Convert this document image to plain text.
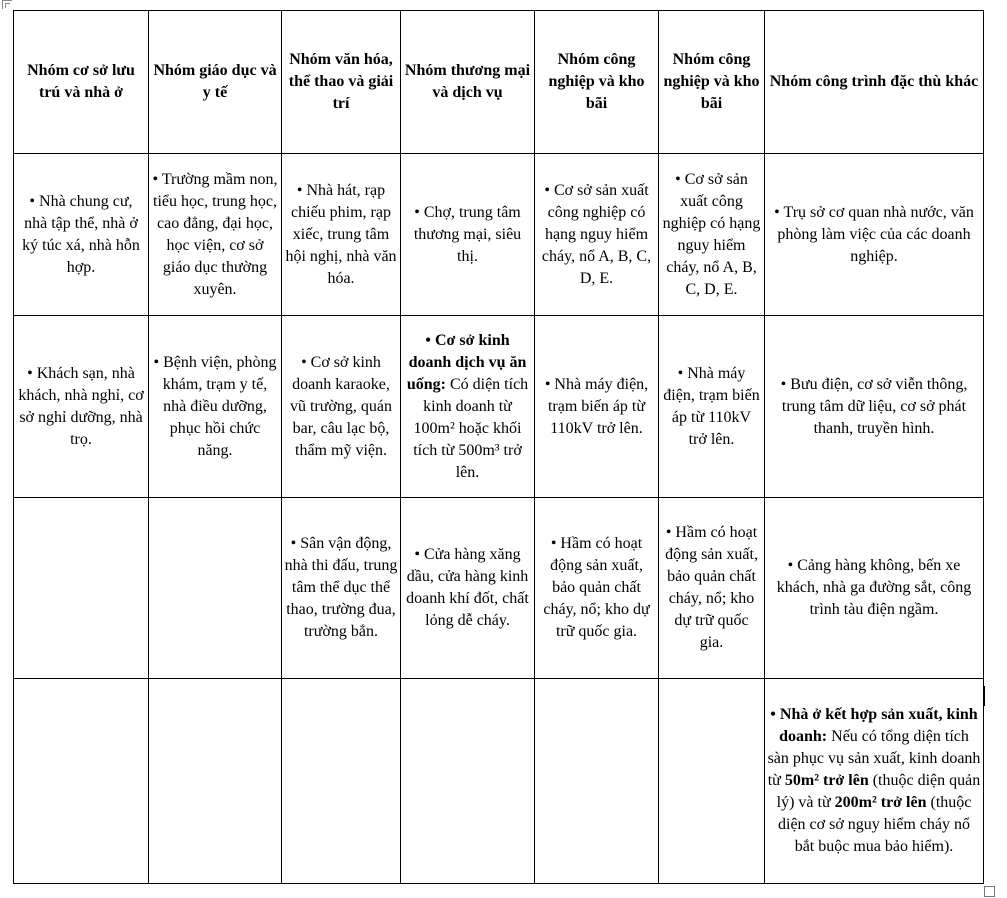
Nhóm cơ sở lưu trú và nhà ở	Nhóm giáo dục và y tế	Nhóm văn hóa, thể thao và giải trí	Nhóm thương mại và dịch vụ	Nhóm công nghiệp và kho bãi	Nhóm công nghiệp và kho bãi	Nhóm công trình đặc thù khác
• Nhà chung cư, nhà tập thể, nhà ở ký túc xá, nhà hỗn hợp.	• Trường mầm non, tiểu học, trung học, cao đẳng, đại học, học viện, cơ sở giáo dục thường xuyên.	• Nhà hát, rạp chiếu phim, rạp xiếc, trung tâm hội nghị, nhà văn hóa.	• Chợ, trung tâm thương mại, siêu thị.	• Cơ sở sản xuất công nghiệp có hạng nguy hiểm cháy, nổ A, B, C, D, E.	• Cơ sở sản xuất công nghiệp có hạng nguy hiểm cháy, nổ A, B, C, D, E.	• Trụ sở cơ quan nhà nước, văn phòng làm việc của các doanh nghiệp.
• Khách sạn, nhà khách, nhà nghỉ, cơ sở nghỉ dưỡng, nhà trọ.	• Bệnh viện, phòng khám, trạm y tế, nhà điều dưỡng, phục hồi chức năng.	• Cơ sở kinh doanh karaoke, vũ trường, quán bar, câu lạc bộ, thẩm mỹ viện.	• Cơ sở kinh doanh dịch vụ ăn uống: Có diện tích kinh doanh từ 100m² hoặc khối tích từ 500m³ trở lên.	• Nhà máy điện, trạm biến áp từ 110kV trở lên.	• Nhà máy điện, trạm biến áp từ 110kV trở lên.	• Bưu điện, cơ sở viễn thông, trung tâm dữ liệu, cơ sở phát thanh, truyền hình.
		• Sân vận động, nhà thi đấu, trung tâm thể dục thể thao, trường đua, trường bắn.	• Cửa hàng xăng dầu, cửa hàng kinh doanh khí đốt, chất lỏng dễ cháy.	• Hầm có hoạt động sản xuất, bảo quản chất cháy, nổ; kho dự trữ quốc gia.	• Hầm có hoạt động sản xuất, bảo quản chất cháy, nổ; kho dự trữ quốc gia.	• Cảng hàng không, bến xe khách, nhà ga đường sắt, công trình tàu điện ngầm.
						• Nhà ở kết hợp sản xuất, kinh doanh: Nếu có tổng diện tích sàn phục vụ sản xuất, kinh doanh từ 50m² trở lên (thuộc diện quản lý) và từ 200m² trở lên (thuộc diện cơ sở nguy hiểm cháy nổ bắt buộc mua bảo hiểm).
